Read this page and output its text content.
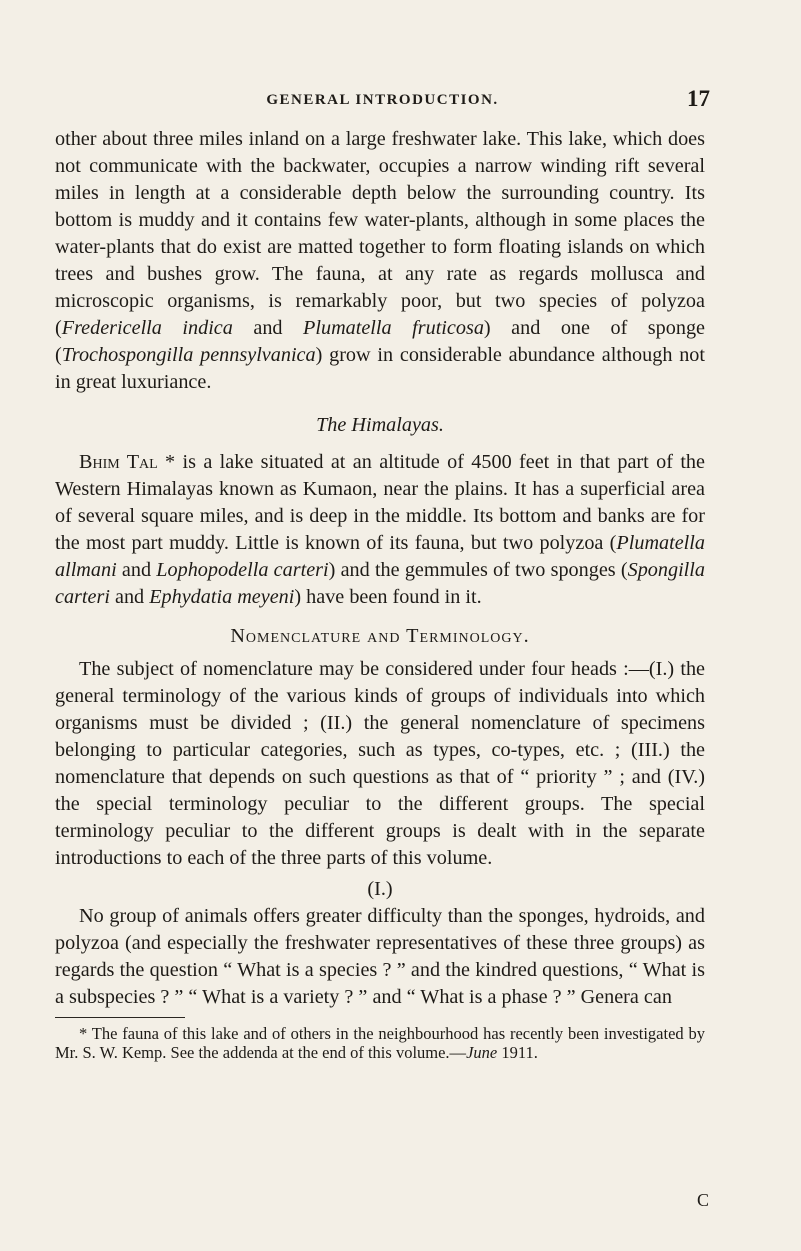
GENERAL INTRODUCTION.	17

other about three miles inland on a large freshwater lake. This lake, which does not communicate with the backwater, occupies a narrow winding rift several miles in length at a considerable depth below the surrounding country. Its bottom is muddy and it contains few water-plants, although in some places the water-plants that do exist are matted together to form floating islands on which trees and bushes grow. The fauna, at any rate as regards mollusca and microscopic organisms, is remarkably poor, but two species of polyzoa (Fredericella indica and Plumatella fruticosa) and one of sponge (Trochospongilla pennsylvanica) grow in considerable abundance although not in great luxuriance.

The Himalayas.

Bhim Tal * is a lake situated at an altitude of 4500 feet in that part of the Western Himalayas known as Kumaon, near the plains. It has a superficial area of several square miles, and is deep in the middle. Its bottom and banks are for the most part muddy. Little is known of its fauna, but two polyzoa (Plumatella allmani and Lophopodella carteri) and the gemmules of two sponges (Spongilla carteri and Ephydatia meyeni) have been found in it.

Nomenclature and Terminology.

The subject of nomenclature may be considered under four heads :—(I.) the general terminology of the various kinds of groups of individuals into which organisms must be divided ; (II.) the general nomenclature of specimens belonging to particular categories, such as types, co-types, etc. ; (III.) the nomenclature that depends on such questions as that of “ priority ” ; and (IV.) the special terminology peculiar to the different groups. The special terminology peculiar to the different groups is dealt with in the separate introductions to each of the three parts of this volume.

(I.)

No group of animals offers greater difficulty than the sponges, hydroids, and polyzoa (and especially the freshwater representatives of these three groups) as regards the question “ What is a species ? ” and the kindred questions, “ What is a subspecies ? ” “ What is a variety ? ” and “ What is a phase ? ” Genera can

* The fauna of this lake and of others in the neighbourhood has recently been investigated by Mr. S. W. Kemp. See the addenda at the end of this volume.—June 1911.

C
